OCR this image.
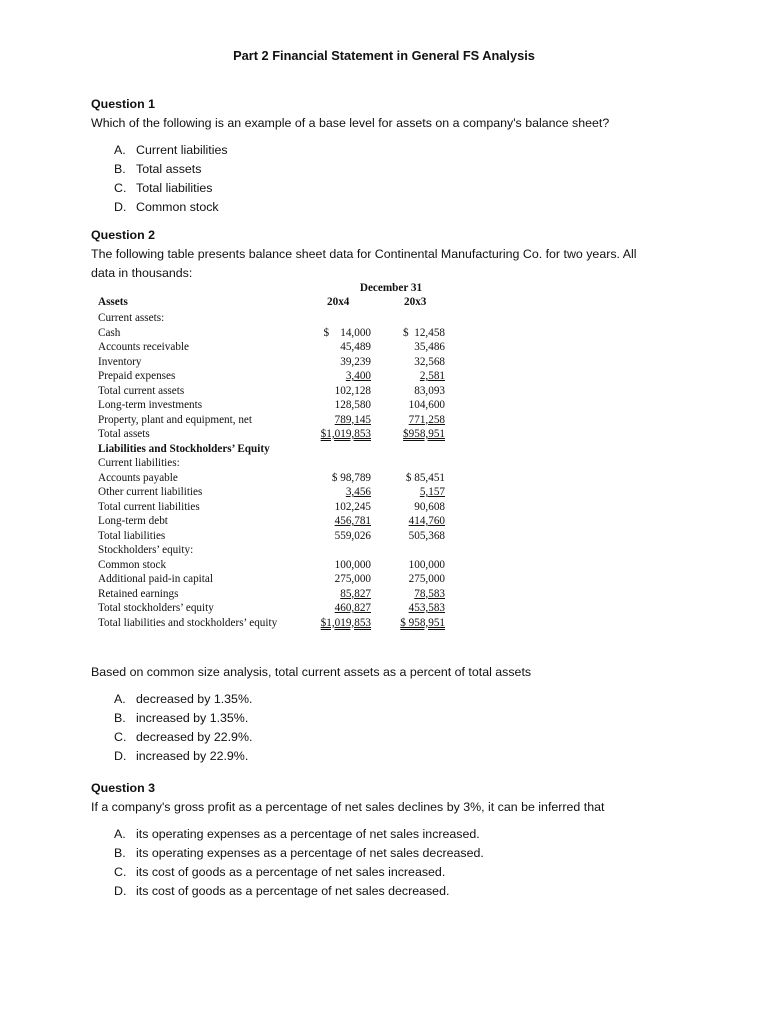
Part 2 Financial Statement in General FS Analysis
Question 1
Which of the following is an example of a base level for assets on a company's balance sheet?
A. Current liabilities
B. Total assets
C. Total liabilities
D. Common stock
Question 2
The following table presents balance sheet data for Continental Manufacturing Co. for two years. All data in thousands:
December 31
Assets	20x4	20x3
Current assets:
Cash	$    14,000	$  12,458
Accounts receivable	45,489	35,486
Inventory	39,239	32,568
Prepaid expenses	3,400	2,581
Total current assets	102,128	83,093
Long-term investments	128,580	104,600
Property, plant and equipment, net	789,145	771,258
Total assets	$1,019,853	$958,951
Liabilities and Stockholders’ Equity
Current liabilities:
Accounts payable	$ 98,789	$ 85,451
Other current liabilities	3,456	5,157
Total current liabilities	102,245	90,608
Long-term debt	456,781	414,760
Total liabilities	559,026	505,368
Stockholders’ equity:
Common stock	100,000	100,000
Additional paid-in capital	275,000	275,000
Retained earnings	85,827	78,583
Total stockholders’ equity	460,827	453,583
Total liabilities and stockholders’ equity	$1,019,853	$ 958,951
Based on common size analysis, total current assets as a percent of total assets
A. decreased by 1.35%.
B. increased by 1.35%.
C. decreased by 22.9%.
D. increased by 22.9%.
Question 3
If a company's gross profit as a percentage of net sales declines by 3%, it can be inferred that
A. its operating expenses as a percentage of net sales increased.
B. its operating expenses as a percentage of net sales decreased.
C. its cost of goods as a percentage of net sales increased.
D. its cost of goods as a percentage of net sales decreased.
